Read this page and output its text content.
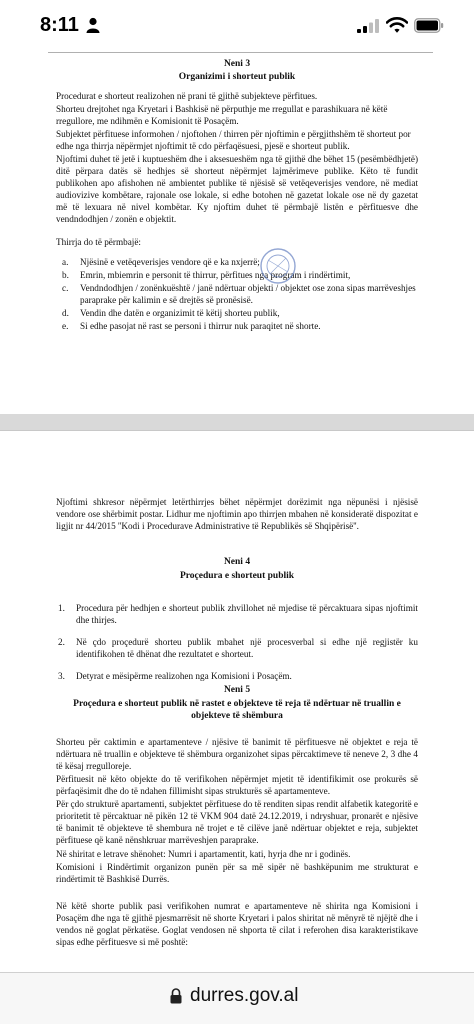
8:11
Neni 3
Organizimi i shorteut publik
Procedurat e shorteut realizohen në prani të gjithë subjekteve përfitues.
Shorteu drejtohet nga Kryetari i Bashkisë në përputhje me rregullat e parashikuara në këtë rregullore, me ndihmën e Komisionit të Posaçëm.
Subjektet përfituese informohen / njoftohen / thirren për njoftimin e përgjithshëm të shorteut por edhe nga thirrja nëpërmjet njoftimit të cdo përfaqësuesi, pjesë e shorteut publik.
Njoftimi duhet të jetë i kuptueshëm dhe i aksesueshëm nga të gjithë dhe bëhet 15 (pesëmbëdhjetë) ditë përpara datës së hedhjes së shorteut nëpërmjet lajmërimeve publike. Këto të fundit publikohen apo afishohen në ambientet publike të njësisë së vetëqeverisjes vendore, në mediat audiovizive kombëtare, rajonale ose lokale, si edhe botohen në gazetat lokale ose në dy gazetat më të lexuara në nivel kombëtar. Ky njoftim duhet të përmbajë listën e përfituesve dhe vendndodhjen / zonën e objektit.
Thirrja do të përmbajë:
a. Njësinë e vetëqeverisjes vendore që e ka nxjerrë;
b. Emrin, mbiemrin e personit të thirrur, përfitues nga program i rindërtimit,
c. Vendndodhjen / zonënkuështë / janë ndërtuar objekti / objektet ose zona sipas marrëveshjes paraprake për kalimin e së drejtës së pronësisë.
d. Vendin dhe datën e organizimit të këtij shorteu publik,
e. Si edhe pasojat në rast se personi i thirrur nuk paraqitet në shorte.
Njoftimi shkresor nëpërmjet letërthirrjes bëhet nëpërmjet dorëzimit nga nëpunësi i njësisë vendore ose shërbimit postar. Lidhur me njoftimin apo thirrjen mbahen në konsideratë dispozitat e ligjit nr 44/2015 ''Kodi i Procedurave Administrative të Republikës së Shqipërisë''.
Neni 4
Proçedura e shorteut publik
1. Procedura për hedhjen e shorteut publik zhvillohet në mjedise të përcaktuara sipas njoftimit dhe thirjes.
2. Në çdo proçedurë shorteu publik mbahet një procesverbal si edhe një regjistër ku identifikohen të dhënat dhe rezultatet e shorteut.
3. Detyrat e mësipërme realizohen nga Komisioni i Posaçëm.
Neni 5
Proçedura e shorteut publik në rastet e objekteve të reja të ndërtuar në truallin e objekteve të shëmbura
Shorteu për caktimin e apartamenteve / njësive të banimit të përfituesve në objektet e reja të ndërtuara në truallin e objekteve të shëmbura organizohet sipas përcaktimeve të neneve 2, 3 dhe 4 të kësaj rregulloreje.
Përfituesit në këto objekte do të verifikohen nëpërmjet mjetit të identifikimit ose prokurës së përfaqësimit dhe do të ndahen fillimisht sipas strukturës së apartamenteve.
Për çdo strukturë apartamenti, subjektet përfituese do të renditen sipas rendit alfabetik kategoritë e prioritetit të përcaktuar në pikën 12 të VKM 904 datë 24.12.2019, i ndryshuar, pronarët e njësive të banimit të objekteve të shembura në trojet e të cilëve janë ndërtuar objektet e reja, subjektet përfituese që kanë nënshkruar marrëveshjen paraprake.
Në shiritat e letrave shënohet: Numri i apartamentit, kati, hyrja dhe nr i godinës.
Komisioni i Rindërtimit organizon punën për sa më sipër në bashkëpunim me strukturat e rindërtimit të Bashkisë Durrës.
Në këtë shorte publik pasi verifikohen numrat e apartamenteve në shirita nga Komisioni i Posaçëm dhe nga të gjithë pjesmarrësit në shorte Kryetari i palos shiritat në mënyrë të njëjtë dhe i vendos në goglat përkatëse. Goglat vendosen në shporta të cilat i referohen disa karakteristikave sipas edhe përfituesve si më poshtë:
durres.gov.al
